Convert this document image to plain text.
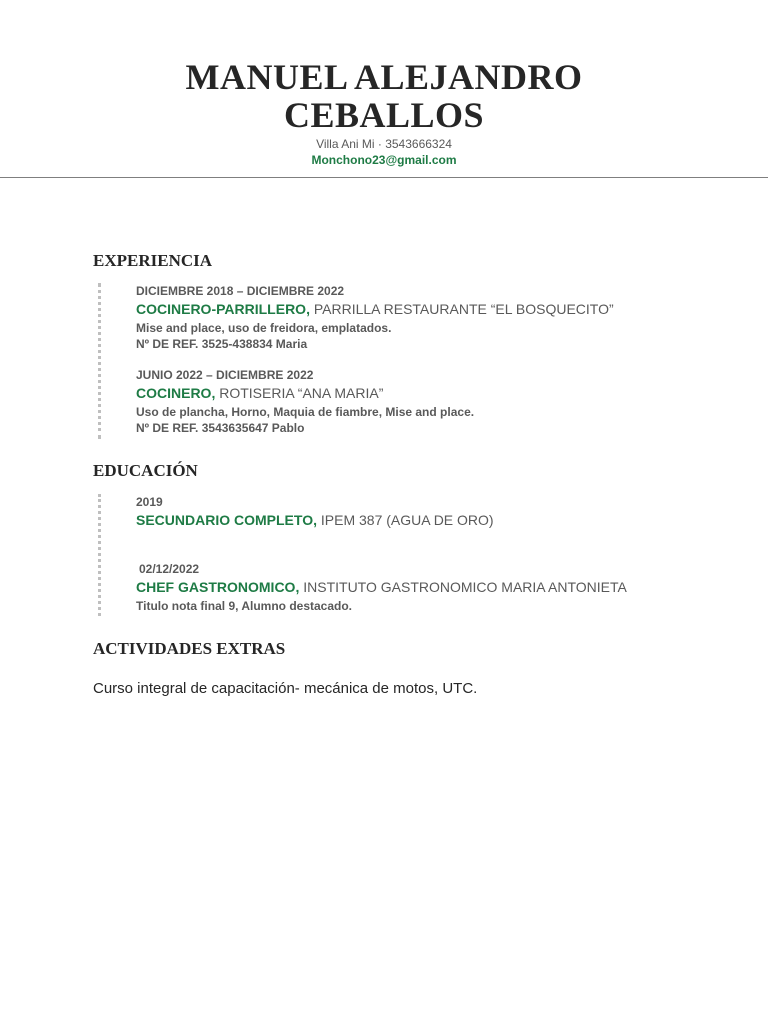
MANUEL ALEJANDRO
CEBALLOS
Villa Ani Mi · 3543666324
Monchono23@gmail.com
EXPERIENCIA
DICIEMBRE 2018 – DICIEMBRE 2022
COCINERO-PARRILLERO, PARRILLA RESTAURANTE “EL BOSQUECITO”
Mise and place, uso de freidora, emplatados.
Nº DE REF. 3525-438834 Maria
JUNIO 2022 – DICIEMBRE 2022
COCINERO, ROTISERIA “ANA MARIA”
Uso de plancha, Horno, Maquia de fiambre, Mise and place.
Nº DE REF. 3543635647 Pablo
EDUCACIÓN
2019
SECUNDARIO COMPLETO, IPEM 387 (AGUA DE ORO)
02/12/2022
CHEF GASTRONOMICO, INSTITUTO GASTRONOMICO MARIA ANTONIETA
Titulo nota final 9, Alumno destacado.
ACTIVIDADES EXTRAS
Curso integral de capacitación- mecánica de motos, UTC.
